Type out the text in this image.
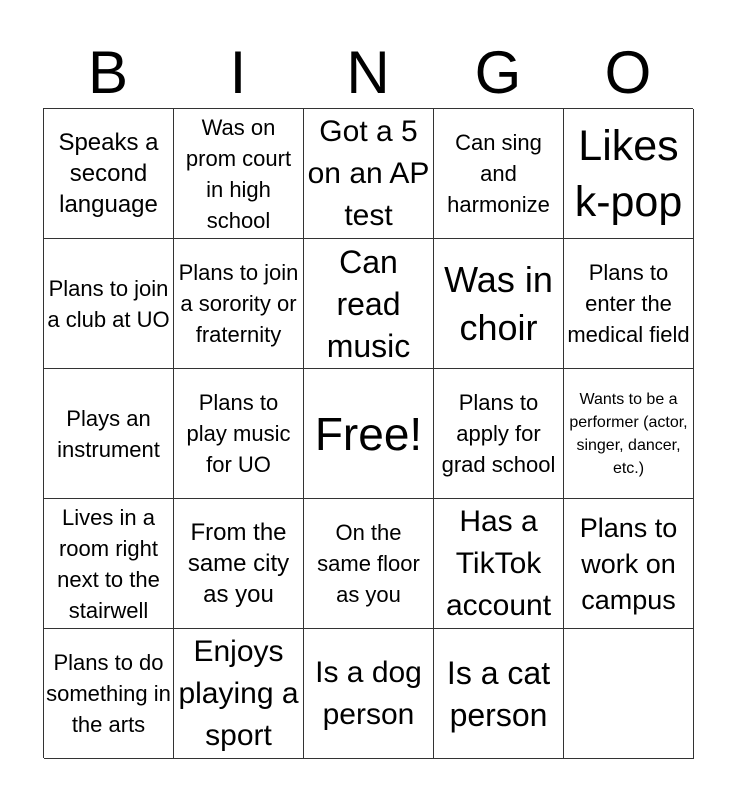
B	I	N	G	O
Speaks a second language
Was on prom court in high school
Got a 5 on an AP test
Can sing and harmonize
Likes k-pop
Plans to join a club at UO
Plans to join a sorority or fraternity
Can read music
Was in choir
Plans to enter the medical field
Plays an instrument
Plans to play music for UO
Free!
Plans to apply for grad school
Wants to be a performer (actor, singer, dancer, etc.)
Lives in a room right next to the stairwell
From the same city as you
On the same floor as you
Has a TikTok account
Plans to work on campus
Plans to do something in the arts
Enjoys playing a sport
Is a dog person
Is a cat person
